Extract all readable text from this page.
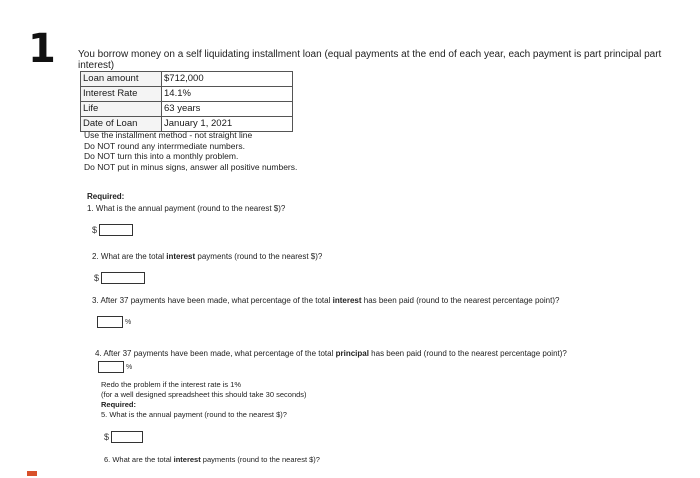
1 You borrow money on a self liquidating installment loan (equal payments at the end of each year, each payment is part principal part interest)
Loan amount	$712,000
Interest Rate	14.1%
Life	63 years
Date of Loan	January 1, 2021
Use the installment method - not straight line
Do NOT round any interrmediate numbers.
Do NOT turn this into a monthly problem.
Do NOT put in minus signs, answer all positive numbers.
Required:
1. What is the annual payment (round to the nearest $)?
$
2. What are the total interest payments (round to the nearest $)?
$
3. After 37 payments have been made, what percentage of the total interest has been paid (round to the nearest percentage point)?
%
4. After 37 payments have been made, what percentage of the total principal has been paid (round to the nearest percentage point)?
%
Redo the problem if the interest rate is 1%
(for a well designed spreadsheet this should take 30 seconds)
Required:
5. What is the annual payment (round to the nearest $)?
$
6. What are the total interest payments (round to the nearest $)?
